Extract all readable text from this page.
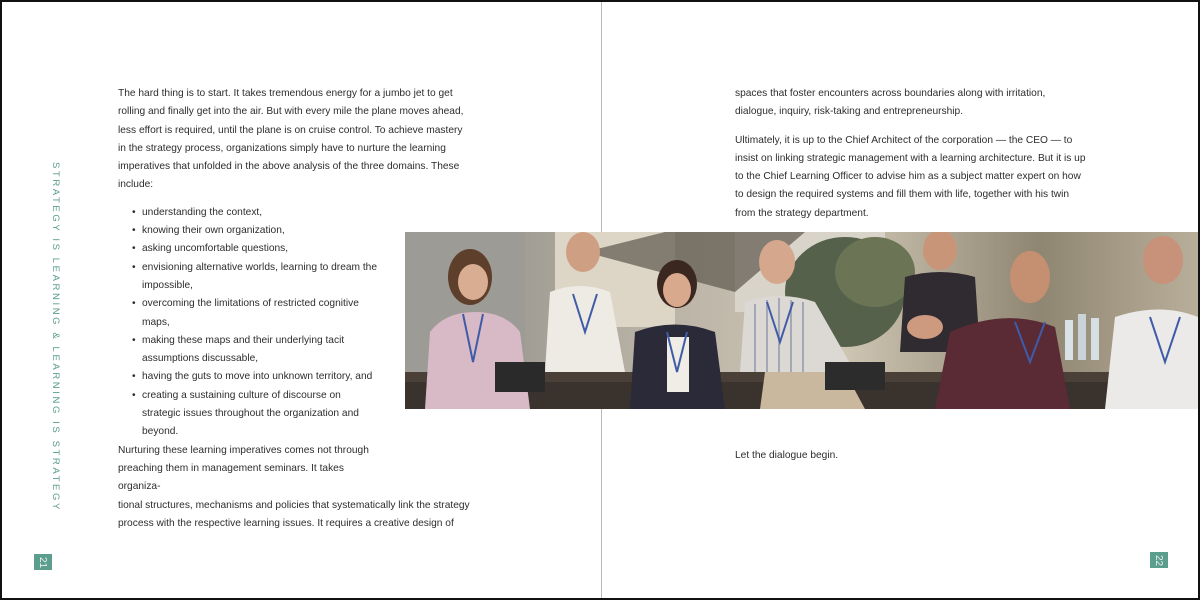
STRATEGY IS LEARNING & LEARNING IS STRATEGY
21	22

The hard thing is to start. It takes tremendous energy for a jumbo jet to get rolling and finally get into the air. But with every mile the plane moves ahead, less effort is required, until the plane is on cruise control. To achieve mastery in the strategy process, organizations simply have to nurture the learning imperatives that unfolded in the above analysis of the three domains. These include:

• understanding the context,
• knowing their own organization,
• asking uncomfortable questions,
• envisioning alternative worlds, learning to dream the impossible,
• overcoming the limitations of restricted cognitive maps,
• making these maps and their underlying tacit assumptions discussable,
• having the guts to move into unknown territory, and
• creating a sustaining culture of discourse on strategic issues throughout the organization and beyond.

Nurturing these learning imperatives comes not through preaching them in management seminars. It takes organiza-

tional structures, mechanisms and policies that systematically link the strategy process with the respective learning issues. It requires a creative design of

spaces that foster encounters across boundaries along with irritation, dialogue, inquiry, risk-taking and entrepreneurship.

Ultimately, it is up to the Chief Architect of the corporation — the CEO — to insist on linking strategic management with a learning architecture. But it is up to the Chief Learning Officer to advise him as a subject matter expert on how to design the required systems and fill them with life, together with his twin from the strategy department.

Let the dialogue begin.
